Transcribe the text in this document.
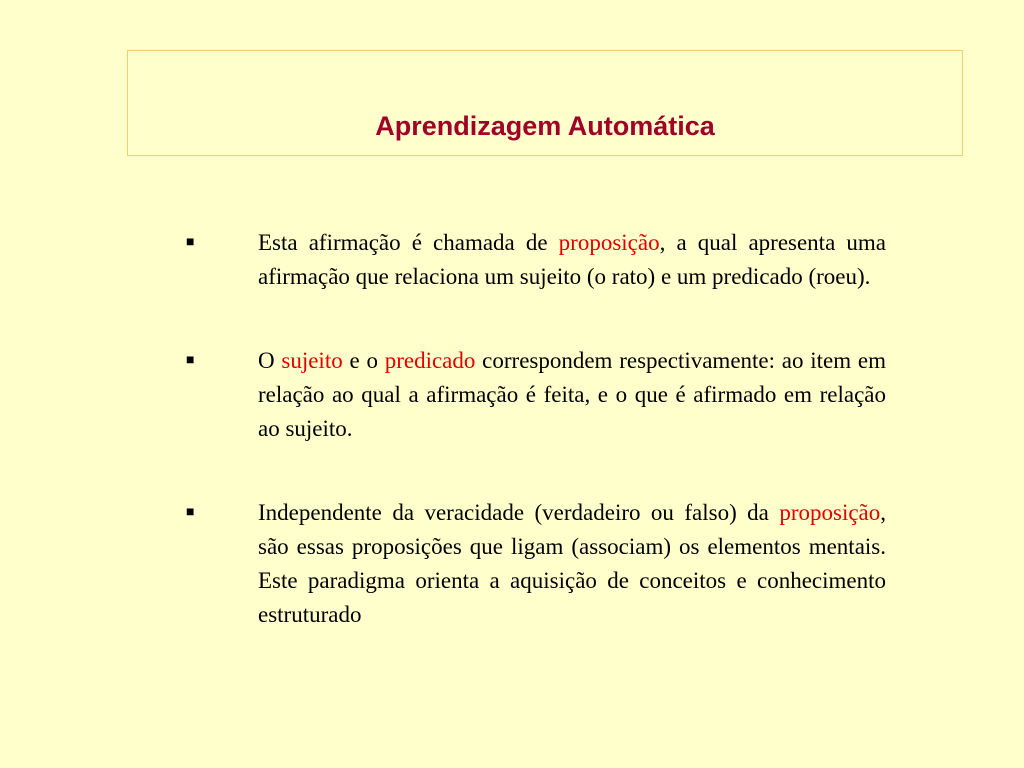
Aprendizagem Automática
■	Esta afirmação é chamada de proposição, a qual apresenta uma afirmação que relaciona um sujeito (o rato) e um predicado (roeu).
■	O sujeito e o predicado correspondem respectivamente: ao item em relação ao qual a afirmação é feita, e o que é afirmado em relação ao sujeito.
■	Independente da veracidade (verdadeiro ou falso) da proposição, são essas proposições que ligam (associam) os elementos mentais. Este paradigma orienta a aquisição de conceitos e conhecimento estruturado
